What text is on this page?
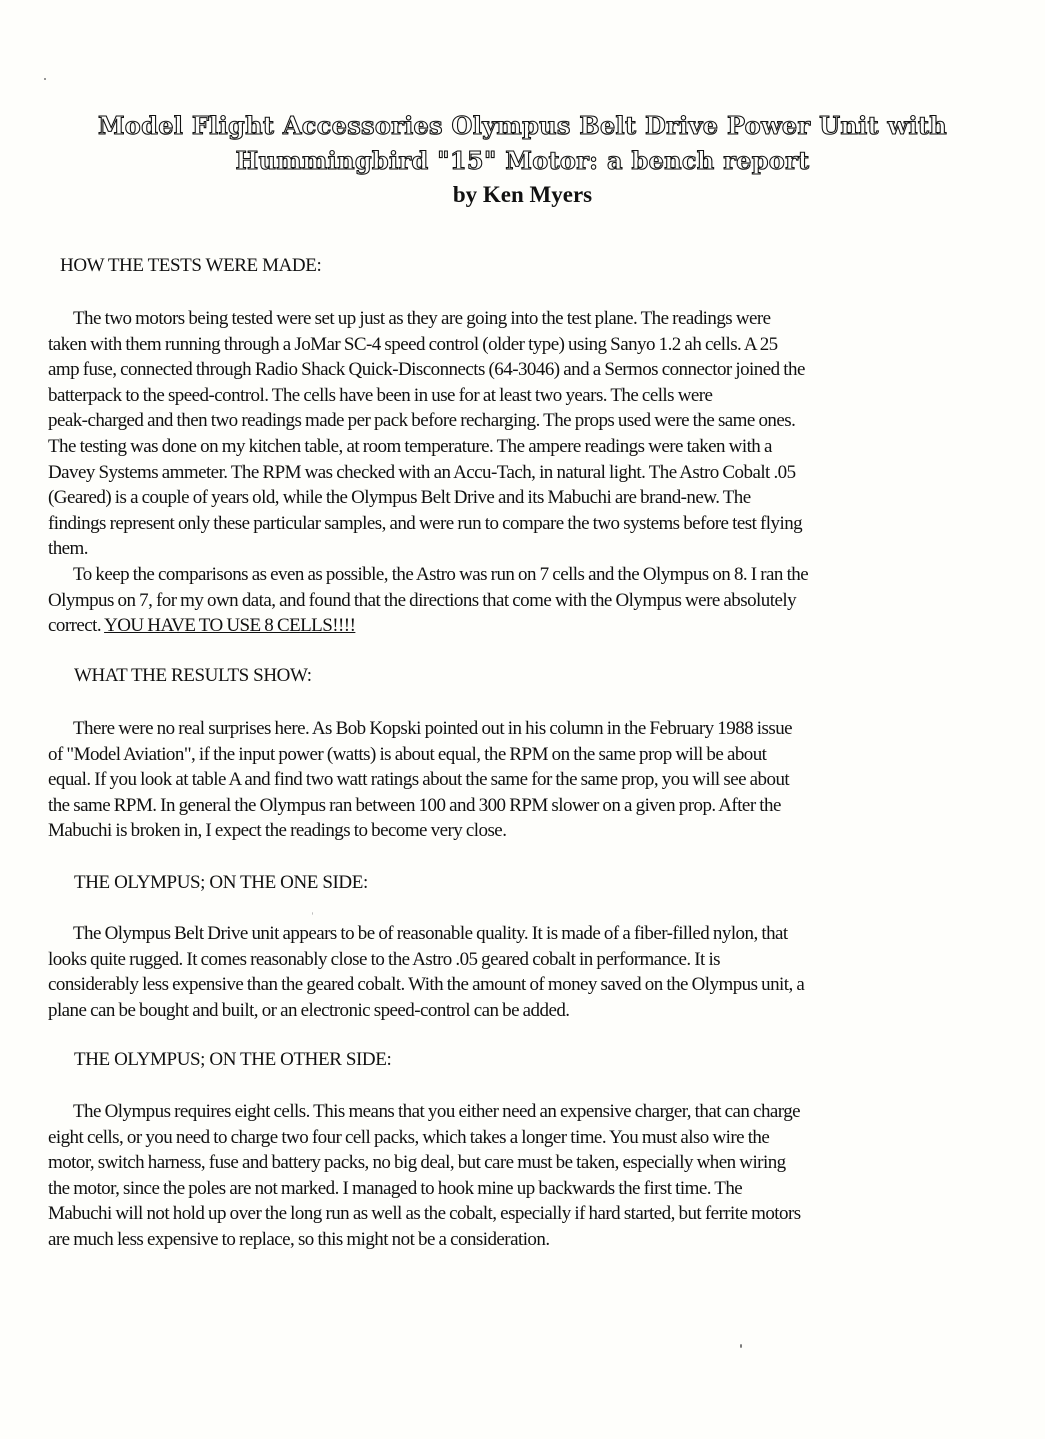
Model Flight Accessories Olympus Belt Drive Power Unit with
Hummingbird "15" Motor: a bench report
by Ken Myers
HOW THE TESTS WERE MADE:
The two motors being tested were set up just as they are going into the test plane. The readings were
taken with them running through a JoMar SC-4 speed control (older type) using Sanyo 1.2 ah cells. A 25
amp fuse, connected through Radio Shack Quick-Disconnects (64-3046) and a Sermos connector joined the
batterpack to the speed-control. The cells have been in use for at least two years. The cells were
peak-charged and then two readings made per pack before recharging. The props used were the same ones.
The testing was done on my kitchen table, at room temperature. The ampere readings were taken with a
Davey Systems ammeter. The RPM was checked with an Accu-Tach, in natural light. The Astro Cobalt .05
(Geared) is a couple of years old, while the Olympus Belt Drive and its Mabuchi are brand-new. The
findings represent only these particular samples, and were run to compare the two systems before test flying
them.
To keep the comparisons as even as possible, the Astro was run on 7 cells and the Olympus on 8. I ran the
Olympus on 7, for my own data, and found that the directions that come with the Olympus were absolutely
correct. YOU HAVE TO USE 8 CELLS!!!!
WHAT THE RESULTS SHOW:
There were no real surprises here. As Bob Kopski pointed out in his column in the February 1988 issue
of "Model Aviation", if the input power (watts) is about equal, the RPM on the same prop will be about
equal. If you look at table A and find two watt ratings about the same for the same prop, you will see about
the same RPM. In general the Olympus ran between 100 and 300 RPM slower on a given prop. After the
Mabuchi is broken in, I expect the readings to become very close.
THE OLYMPUS; ON THE ONE SIDE:
The Olympus Belt Drive unit appears to be of reasonable quality. It is made of a fiber-filled nylon, that
looks quite rugged. It comes reasonably close to the Astro .05 geared cobalt in performance. It is
considerably less expensive than the geared cobalt. With the amount of money saved on the Olympus unit, a
plane can be bought and built, or an electronic speed-control can be added.
THE OLYMPUS; ON THE OTHER SIDE:
The Olympus requires eight cells. This means that you either need an expensive charger, that can charge
eight cells, or you need to charge two four cell packs, which takes a longer time. You must also wire the
motor, switch harness, fuse and battery packs, no big deal, but care must be taken, especially when wiring
the motor, since the poles are not marked. I managed to hook mine up backwards the first time. The
Mabuchi will not hold up over the long run as well as the cobalt, especially if hard started, but ferrite motors
are much less expensive to replace, so this might not be a consideration.
